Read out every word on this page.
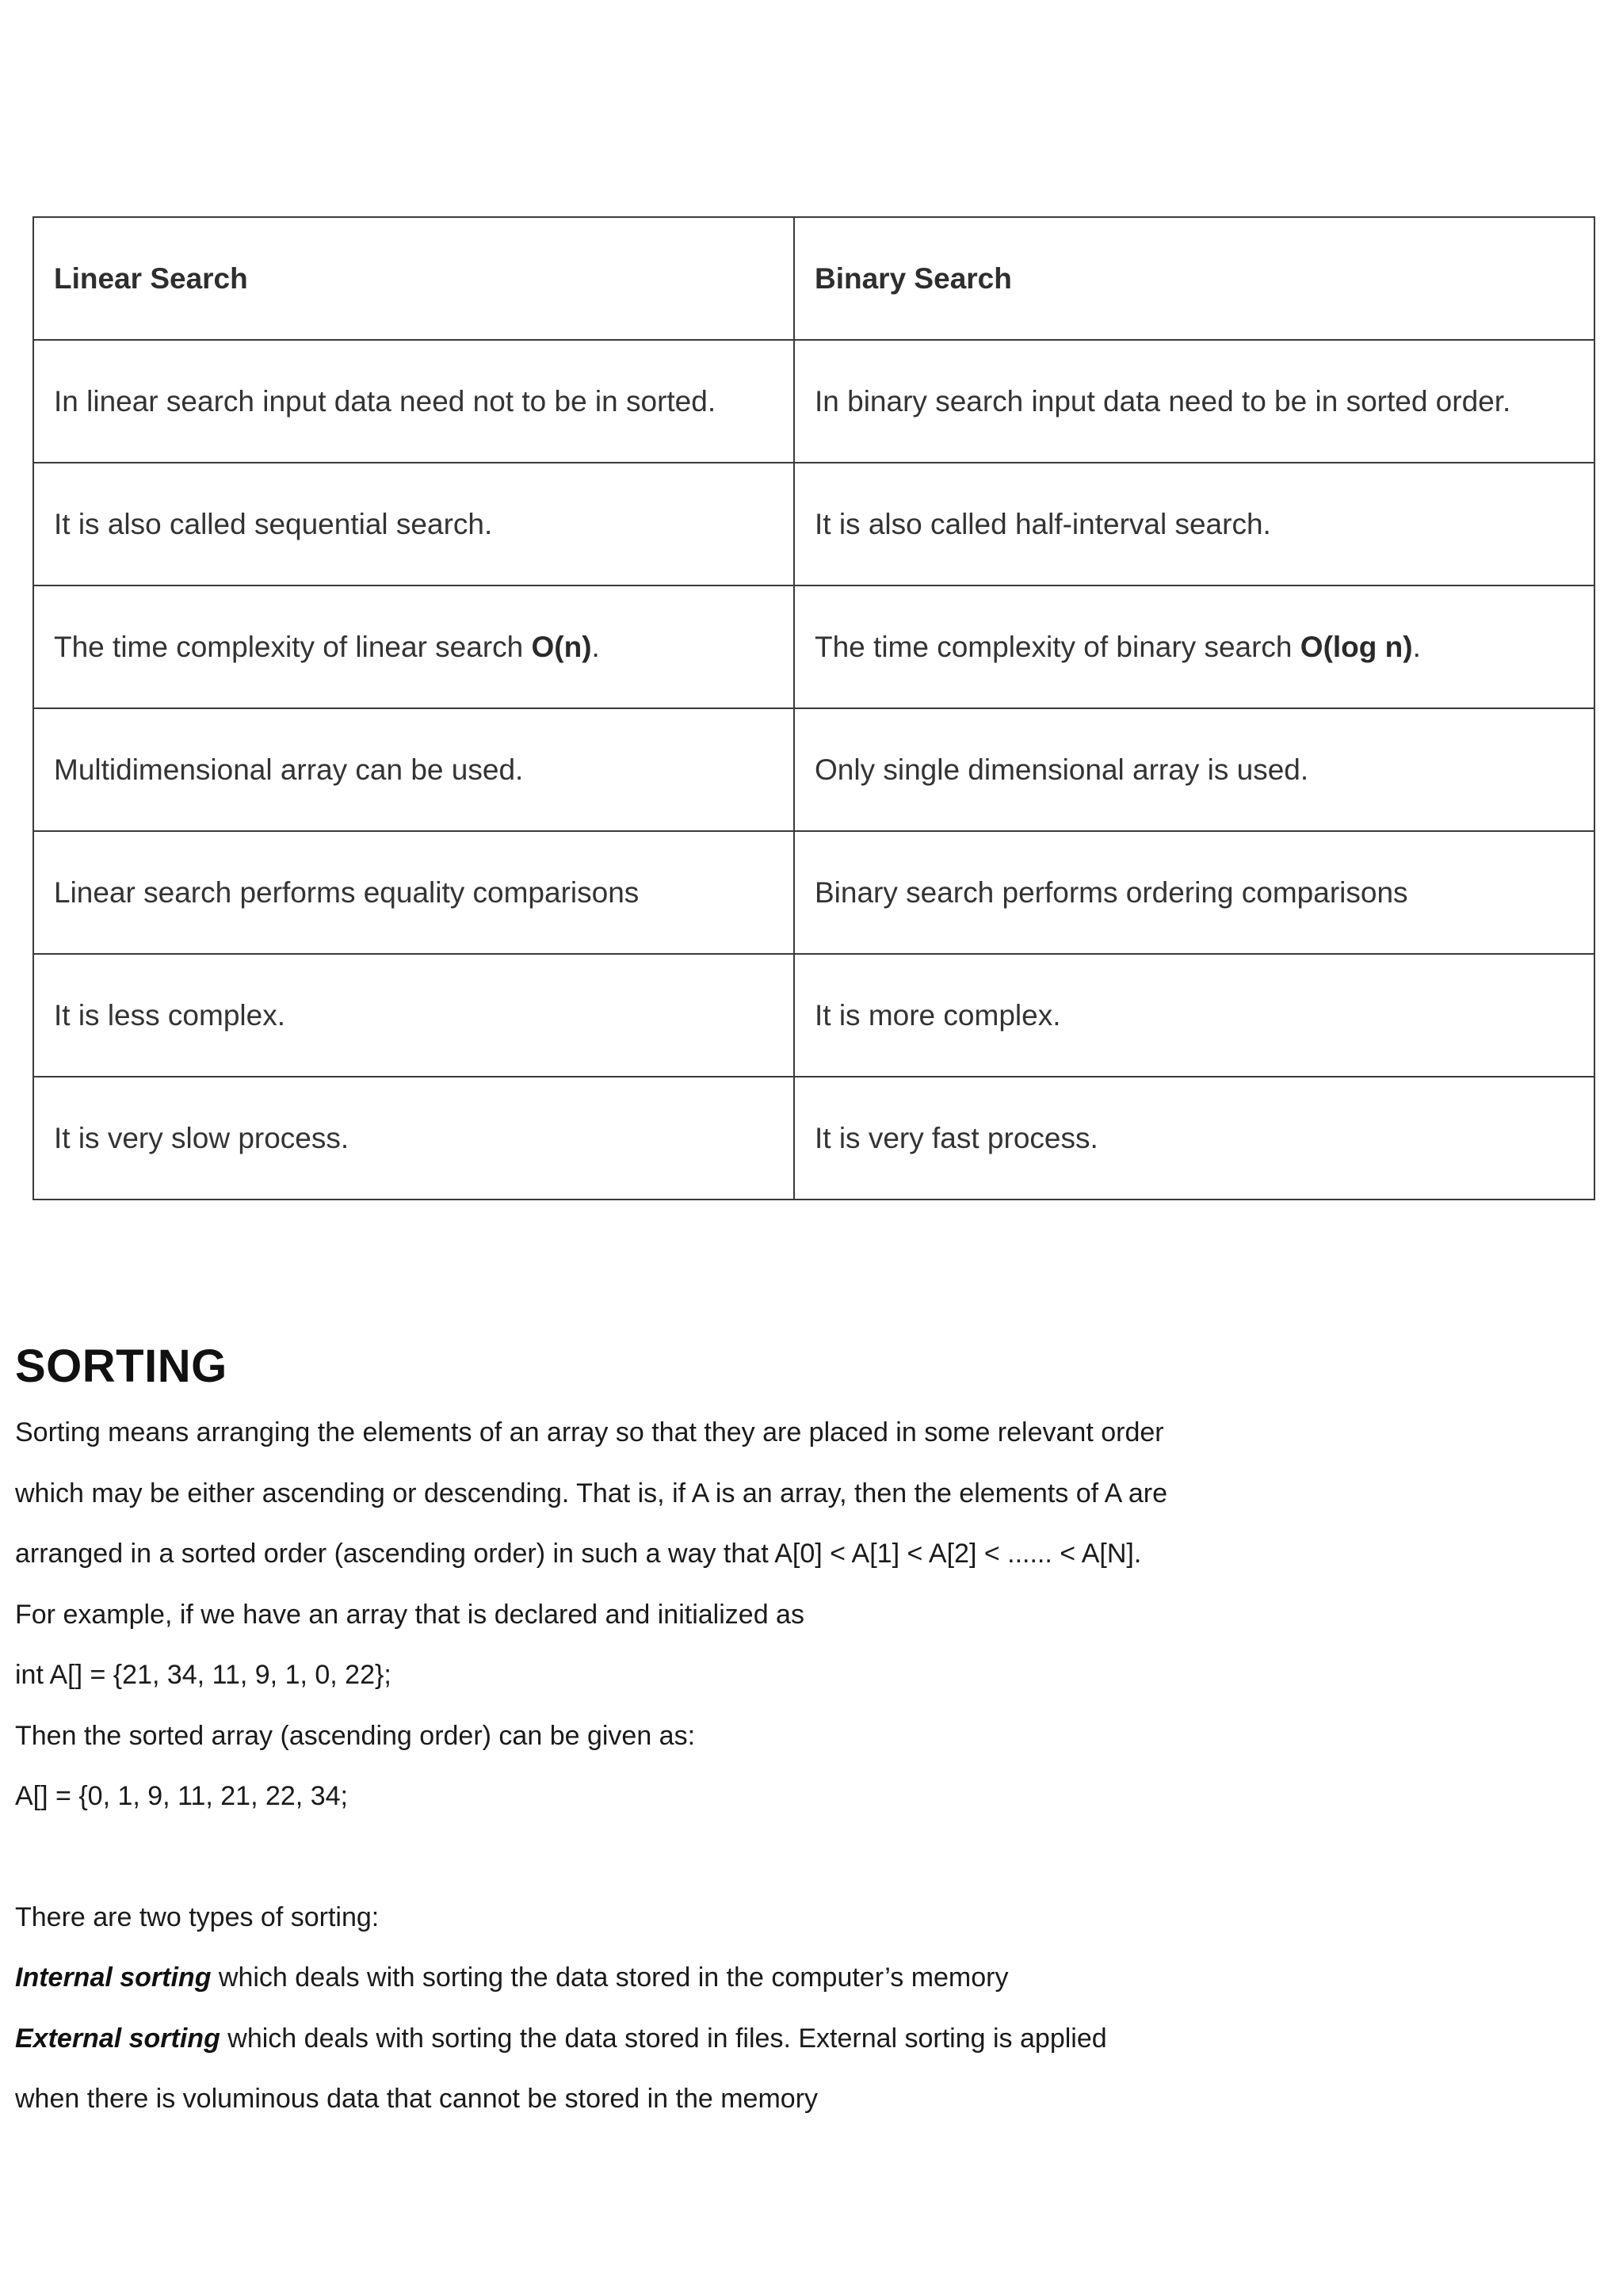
Linear Search	Binary Search
In linear search input data need not to be in sorted.	In binary search input data need to be in sorted order.
It is also called sequential search.	It is also called half-interval search.
The time complexity of linear search O(n).	The time complexity of binary search O(log n).
Multidimensional array can be used.	Only single dimensional array is used.
Linear search performs equality comparisons	Binary search performs ordering comparisons
It is less complex.	It is more complex.
It is very slow process.	It is very fast process.
SORTING

Sorting means arranging the elements of an array so that they are placed in some relevant order

which may be either ascending or descending. That is, if A is an array, then the elements of A are

arranged in a sorted order (ascending order) in such a way that A[0] < A[1] < A[2] < ...... < A[N].

For example, if we have an array that is declared and initialized as

int A[] = {21, 34, 11, 9, 1, 0, 22};

Then the sorted array (ascending order) can be given as:

A[] = {0, 1, 9, 11, 21, 22, 34;

There are two types of sorting:

Internal sorting which deals with sorting the data stored in the computer’s memory

External sorting which deals with sorting the data stored in files. External sorting is applied

when there is voluminous data that cannot be stored in the memory
